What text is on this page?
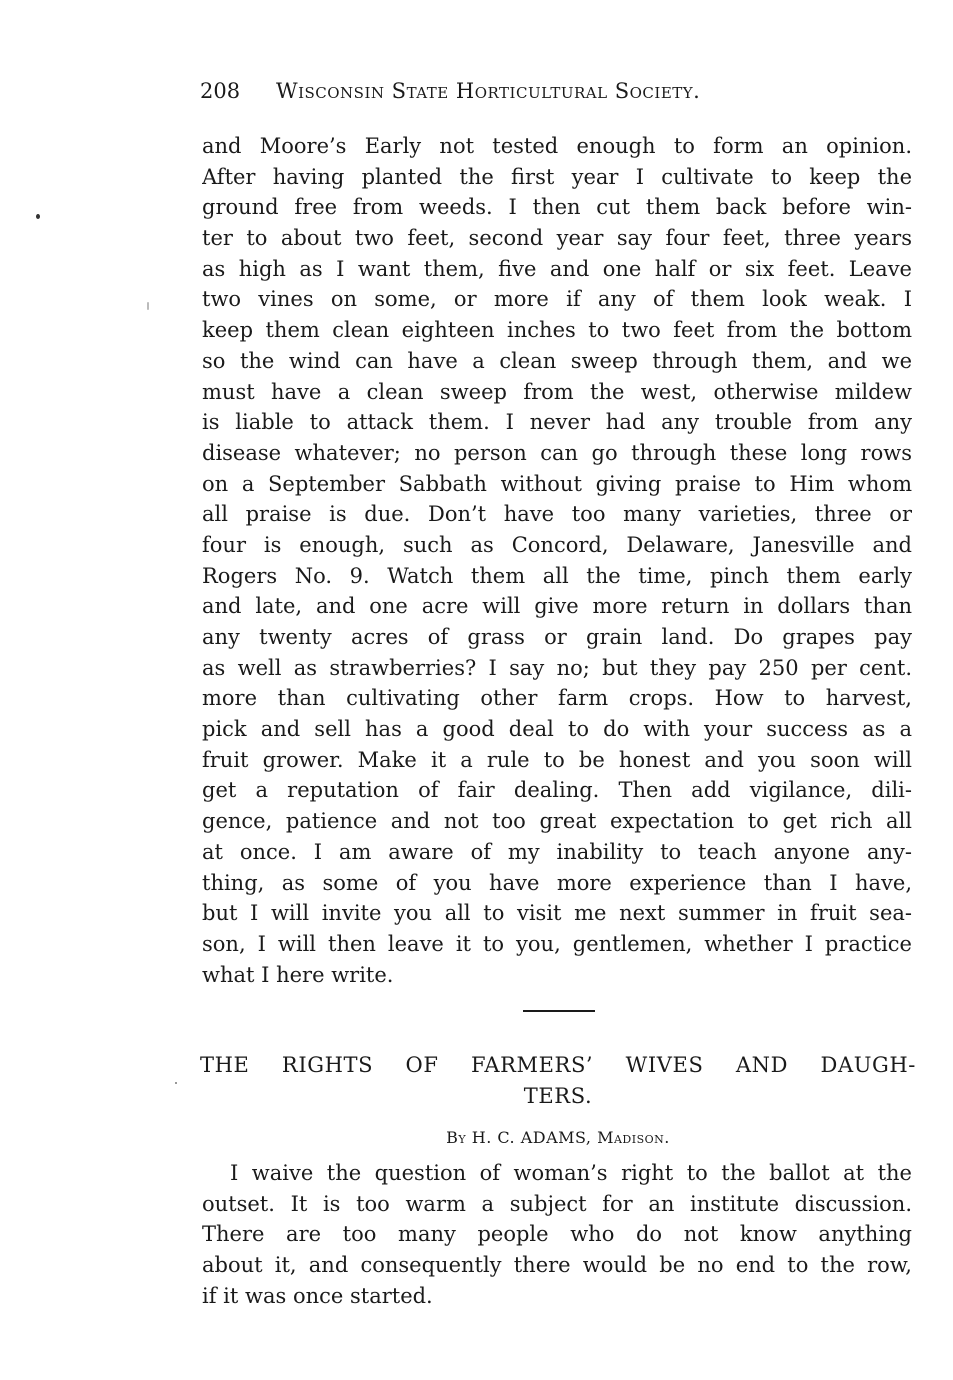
208 Wisconsin State Horticultural Society.
and Moore’s Early not tested enough to form an opinion.
After having planted the first year I cultivate to keep the
ground free from weeds. I then cut them back before win-
ter to about two feet, second year say four feet, three years
as high as I want them, five and one half or six feet. Leave
two vines on some, or more if any of them look weak. I
keep them clean eighteen inches to two feet from the bottom
so the wind can have a clean sweep through them, and we
must have a clean sweep from the west, otherwise mildew
is liable to attack them. I never had any trouble from any
disease whatever; no person can go through these long rows
on a September Sabbath without giving praise to Him whom
all praise is due. Don’t have too many varieties, three or
four is enough, such as Concord, Delaware, Janesville and
Rogers No. 9. Watch them all the time, pinch them early
and late, and one acre will give more return in dollars than
any twenty acres of grass or grain land. Do grapes pay
as well as strawberries? I say no; but they pay 250 per cent.
more than cultivating other farm crops. How to harvest,
pick and sell has a good deal to do with your success as a
fruit grower. Make it a rule to be honest and you soon will
get a reputation of fair dealing. Then add vigilance, dili-
gence, patience and not too great expectation to get rich all
at once. I am aware of my inability to teach anyone any-
thing, as some of you have more experience than I have,
but I will invite you all to visit me next summer in fruit sea-
son, I will then leave it to you, gentlemen, whether I practice
what I here write.
THE RIGHTS OF FARMERS’ WIVES AND DAUGH-
TERS.
By H. C. ADAMS, Madison.
I waive the question of woman’s right to the ballot at the
outset. It is too warm a subject for an institute discussion.
There are too many people who do not know anything
about it, and consequently there would be no end to the row,
if it was once started.
